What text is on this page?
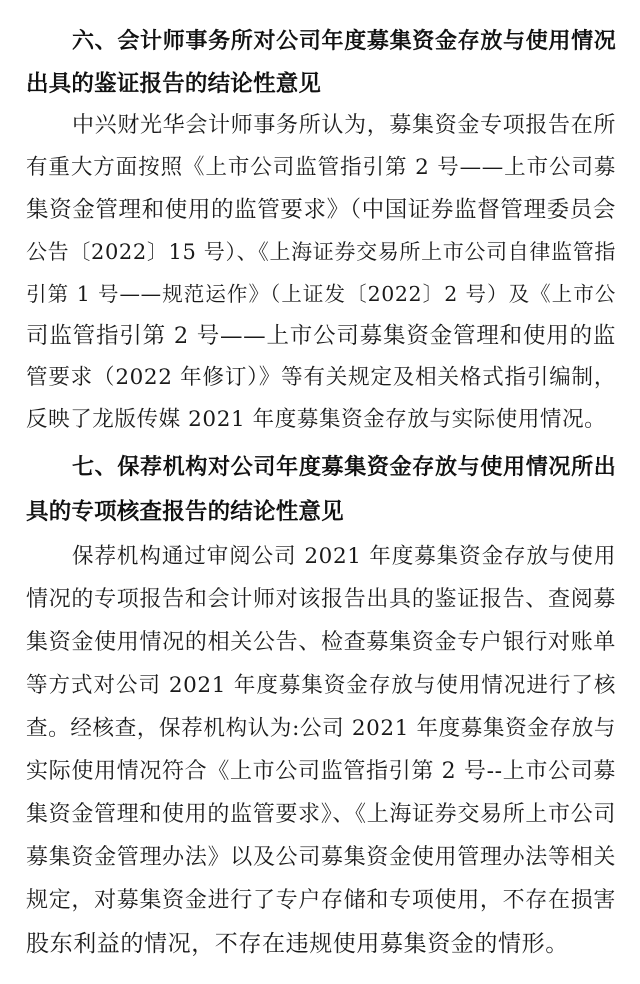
六、会计师事务所对公司年度募集资金存放与使用情况
出具的鉴证报告的结论性意见
中兴财光华会计师事务所认为，募集资金专项报告在所
有重大方面按照《上市公司监管指引第 2 号——上市公司募
集资金管理和使用的监管要求》（中国证券监督管理委员会
公告〔2022〕15 号）、《上海证券交易所上市公司自律监管指
引第 1 号——规范运作》（上证发〔2022〕2 号）及《上市公
司监管指引第 2 号——上市公司募集资金管理和使用的监
管要求（2022 年修订）》等有关规定及相关格式指引编制，
反映了龙版传媒 2021 年度募集资金存放与实际使用情况。
七、保荐机构对公司年度募集资金存放与使用情况所出
具的专项核查报告的结论性意见
保荐机构通过审阅公司 2021 年度募集资金存放与使用
情况的专项报告和会计师对该报告出具的鉴证报告、查阅募
集资金使用情况的相关公告、检查募集资金专户银行对账单
等方式对公司 2021 年度募集资金存放与使用情况进行了核
查。经核查，保荐机构认为:公司 2021 年度募集资金存放与
实际使用情况符合《上市公司监管指引第 2 号--上市公司募
集资金管理和使用的监管要求》、《上海证券交易所上市公司
募集资金管理办法》以及公司募集资金使用管理办法等相关
规定，对募集资金进行了专户存储和专项使用，不存在损害
股东利益的情况，不存在违规使用募集资金的情形。
